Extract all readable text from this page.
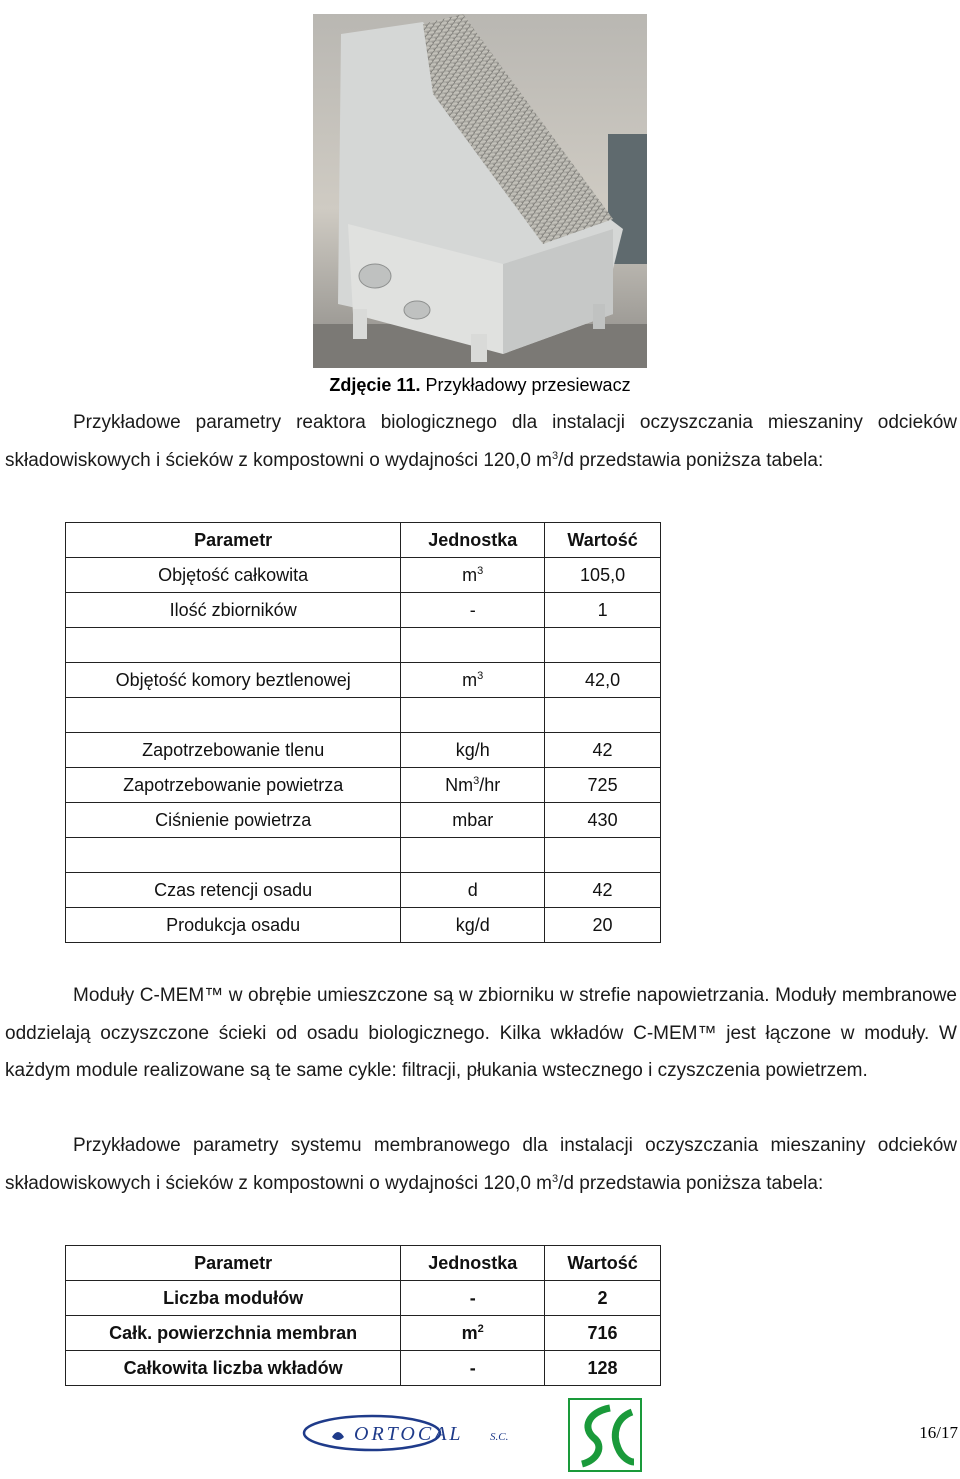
Zdjęcie 11. Przykładowy przesiewacz
Przykładowe parametry reaktora biologicznego dla instalacji oczyszczania mieszaniny odcieków składowiskowych i ścieków z kompostowni o wydajności 120,0 $m^3/d$ przedstawia poniższa tabela:
Parametr	Jednostka	Wartość
Objętość całkowita	$m^3$	105,0
Ilość zbiorników	-	1

Objętość komory beztlenowej	$m^3$	42,0

Zapotrzebowanie tlenu	kg/h	42
Zapotrzebowanie powietrza	Nm$^3$/hr	725
Ciśnienie powietrza	mbar	430

Czas retencji osadu	d	42
Produkcja osadu	kg/d	20
Moduły C-MEM™ w obrębie umieszczone są w zbiorniku w strefie napowietrzania. Moduły membranowe oddzielają oczyszczone ścieki od osadu biologicznego. Kilka wkładów C-MEM™ jest łączone w moduły. W każdym module realizowane są te same cykle: filtracji, płukania wstecznego i czyszczenia powietrzem.
Przykładowe parametry systemu membranowego dla instalacji oczyszczania mieszaniny odcieków składowiskowych i ścieków z kompostowni o wydajności 120,0 $m^3/d$ przedstawia poniższa tabela:
Parametr	Jednostka	Wartość
Liczba modułów	-	2
Całk. powierzchnia membran	$m^2$	716
Całkowita liczba wkładów	-	128
ORTOCAL S.C.	16/17
